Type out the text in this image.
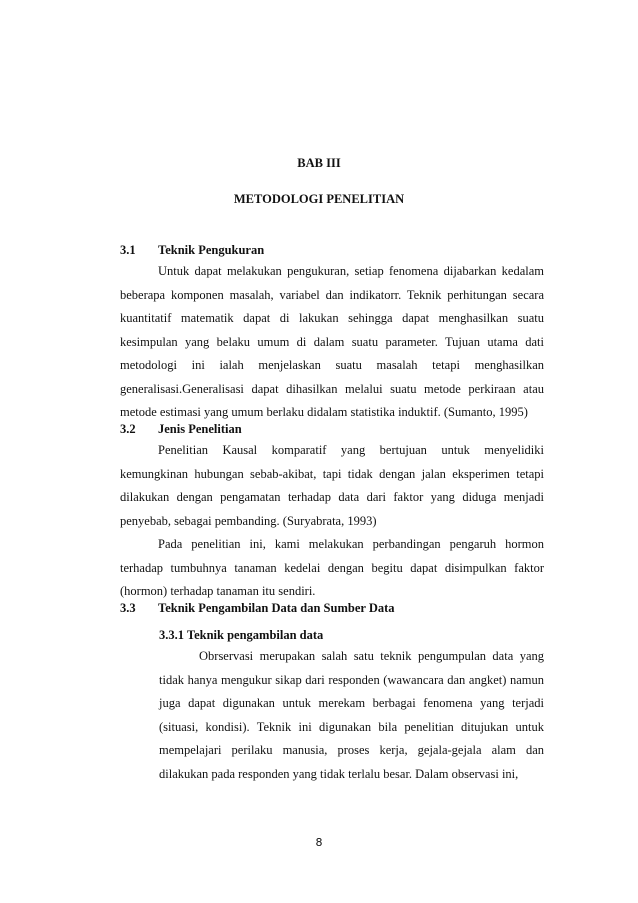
BAB III
METODOLOGI PENELITIAN
3.1 Teknik Pengukuran

Untuk dapat melakukan pengukuran, setiap fenomena dijabarkan kedalam beberapa komponen masalah, variabel dan indikatorr. Teknik perhitungan secara kuantitatif matematik dapat di lakukan sehingga dapat menghasilkan suatu kesimpulan yang belaku umum di dalam suatu parameter. Tujuan utama dati metodologi ini ialah menjelaskan suatu masalah tetapi menghasilkan generalisasi.Generalisasi dapat dihasilkan melalui suatu metode perkiraan atau metode estimasi yang umum berlaku didalam statistika induktif. (Sumanto, 1995)

3.2 Jenis Penelitian

Penelitian Kausal komparatif yang bertujuan untuk menyelidiki kemungkinan hubungan sebab-akibat, tapi tidak dengan jalan eksperimen tetapi dilakukan dengan pengamatan terhadap data dari faktor yang diduga menjadi penyebab, sebagai pembanding. (Suryabrata, 1993)

Pada penelitian ini, kami melakukan perbandingan pengaruh hormon terhadap tumbuhnya tanaman kedelai dengan begitu dapat disimpulkan faktor (hormon) terhadap tanaman itu sendiri.

3.3 Teknik Pengambilan Data dan Sumber Data
3.3.1 Teknik pengambilan data

Obrservasi merupakan salah satu teknik pengumpulan data yang tidak hanya mengukur sikap dari responden (wawancara dan angket) namun juga dapat digunakan untuk merekam berbagai fenomena yang terjadi (situasi, kondisi). Teknik ini digunakan bila penelitian ditujukan untuk mempelajari perilaku manusia, proses kerja, gejala-gejala alam dan dilakukan pada responden yang tidak terlalu besar. Dalam observasi ini,

8
